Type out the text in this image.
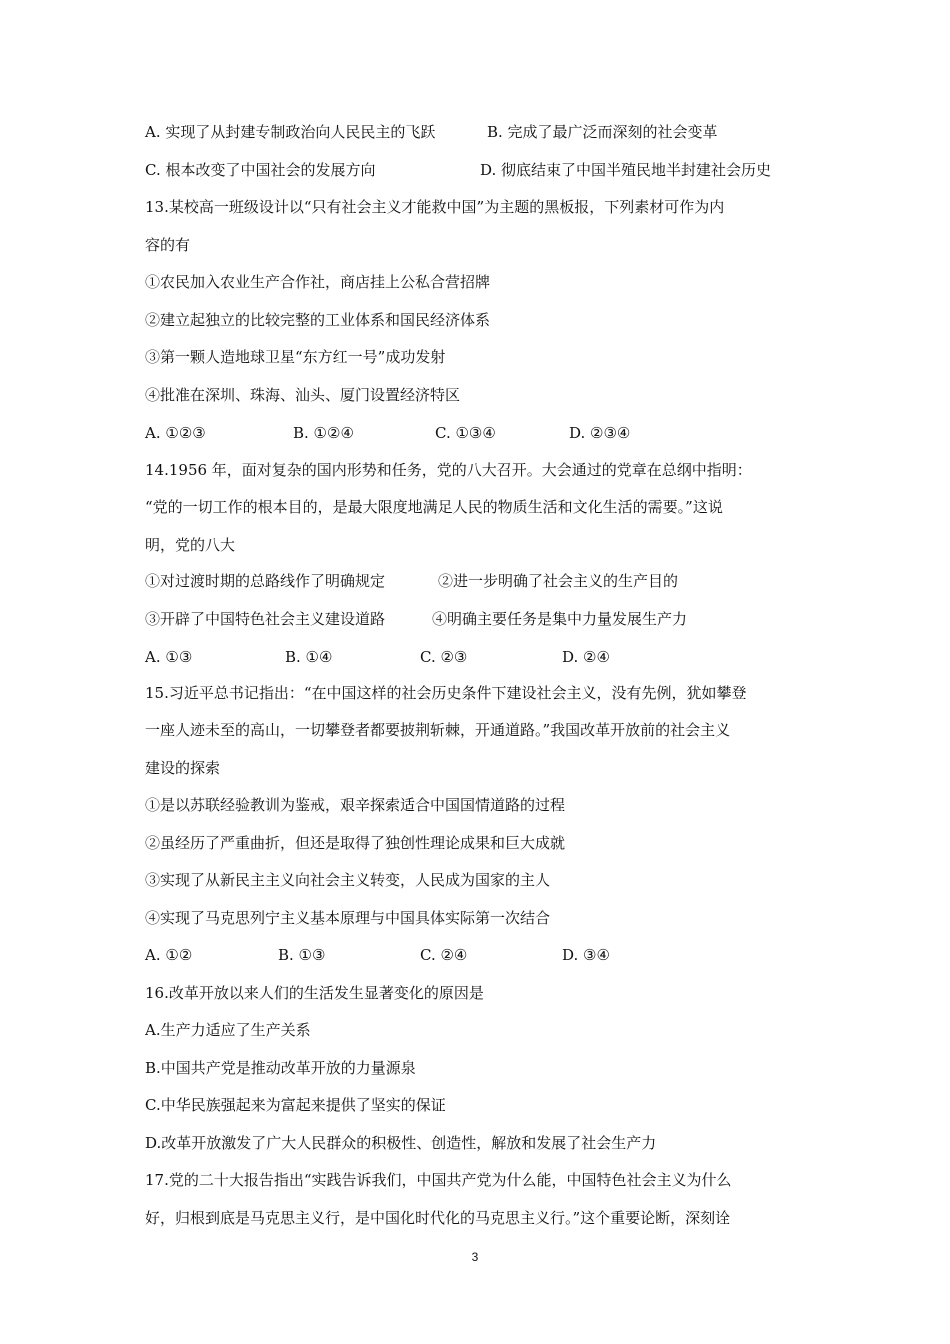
A. 实现了从封建专制政治向人民民主的飞跃	B. 完成了最广泛而深刻的社会变革
C. 根本改变了中国社会的发展方向	D. 彻底结束了中国半殖民地半封建社会历史
13.某校高一班级设计以“只有社会主义才能救中国”为主题的黑板报，下列素材可作为内
容的有
①农民加入农业生产合作社，商店挂上公私合营招牌
②建立起独立的比较完整的工业体系和国民经济体系
③第一颗人造地球卫星“东方红一号”成功发射
④批准在深圳、珠海、汕头、厦门设置经济特区
A. ①②③	B. ①②④	C. ①③④	D. ②③④
14.1956 年，面对复杂的国内形势和任务，党的八大召开。大会通过的党章在总纲中指明：
“党的一切工作的根本目的，是最大限度地满足人民的物质生活和文化生活的需要。”这说
明，党的八大
①对过渡时期的总路线作了明确规定	②进一步明确了社会主义的生产目的
③开辟了中国特色社会主义建设道路	④明确主要任务是集中力量发展生产力
A. ①③	B. ①④	C. ②③	D. ②④
15.习近平总书记指出：“在中国这样的社会历史条件下建设社会主义，没有先例，犹如攀登
一座人迹未至的高山，一切攀登者都要披荆斩棘，开通道路。”我国改革开放前的社会主义
建设的探索
①是以苏联经验教训为鉴戒，艰辛探索适合中国国情道路的过程
②虽经历了严重曲折，但还是取得了独创性理论成果和巨大成就
③实现了从新民主主义向社会主义转变，人民成为国家的主人
④实现了马克思列宁主义基本原理与中国具体实际第一次结合
A. ①②	B. ①③	C. ②④	D. ③④
16.改革开放以来人们的生活发生显著变化的原因是
A.生产力适应了生产关系
B.中国共产党是推动改革开放的力量源泉
C.中华民族强起来为富起来提供了坚实的保证
D.改革开放激发了广大人民群众的积极性、创造性，解放和发展了社会生产力
17.党的二十大报告指出“实践告诉我们，中国共产党为什么能，中国特色社会主义为什么
好，归根到底是马克思主义行，是中国化时代化的马克思主义行。”这个重要论断，深刻诠
3
